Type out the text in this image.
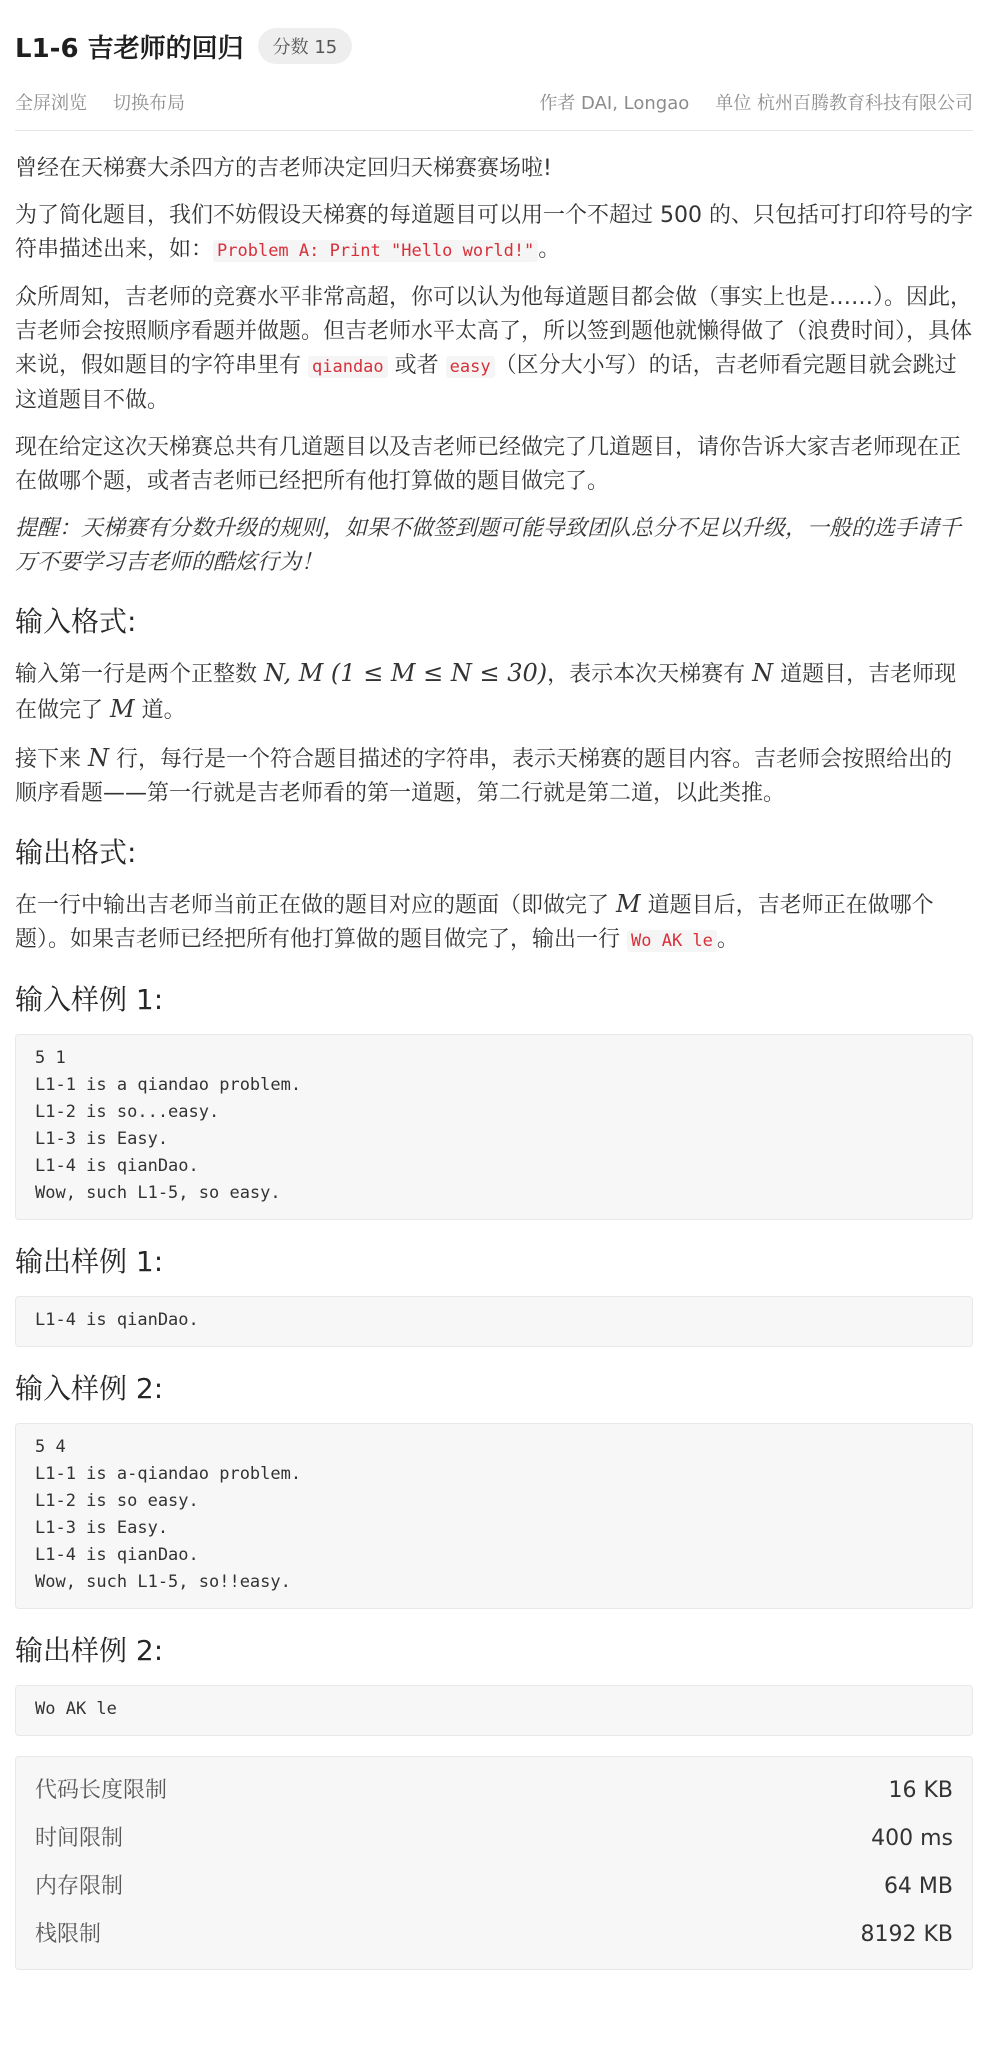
L1-6 吉老师的回归	分数 15
全屏浏览 切换布局	作者 DAI, Longao 单位 杭州百腾教育科技有限公司

曾经在天梯赛大杀四方的吉老师决定回归天梯赛赛场啦!

为了简化题目，我们不妨假设天梯赛的每道题目可以用一个不超过 500 的、只包括可打印符号的字符串描述出来，如： Problem A: Print "Hello world!" 。

众所周知，吉老师的竞赛水平非常高超，你可以认为他每道题目都会做（事实上也是……）。因此，吉老师会按照顺序看题并做题。但吉老师水平太高了，所以签到题他就懒得做了（浪费时间），具体来说，假如题目的字符串里有 qiandao 或者 easy （区分大小写）的话，吉老师看完题目就会跳过这道题目不做。

现在给定这次天梯赛总共有几道题目以及吉老师已经做完了几道题目，请你告诉大家吉老师现在正在做哪个题，或者吉老师已经把所有他打算做的题目做完了。

提醒：天梯赛有分数升级的规则，如果不做签到题可能导致团队总分不足以升级，一般的选手请千万不要学习吉老师的酷炫行为！

输入格式:

输入第一行是两个正整数 N, M (1 ≤ M ≤ N ≤ 30)，表示本次天梯赛有 N 道题目，吉老师现在做完了 M 道。

接下来 N 行，每行是一个符合题目描述的字符串，表示天梯赛的题目内容。吉老师会按照给出的顺序看题——第一行就是吉老师看的第一道题，第二行就是第二道，以此类推。

输出格式:

在一行中输出吉老师当前正在做的题目对应的题面（即做完了 M 道题目后，吉老师正在做哪个题）。如果吉老师已经把所有他打算做的题目做完了，输出一行 Wo AK le 。

输入样例 1:
5 1
L1-1 is a qiandao problem.
L1-2 is so...easy.
L1-3 is Easy.
L1-4 is qianDao.
Wow, such L1-5, so easy.
输出样例 1:
L1-4 is qianDao.
输入样例 2:
5 4
L1-1 is a-qiandao problem.
L1-2 is so easy.
L1-3 is Easy.
L1-4 is qianDao.
Wow, such L1-5, so!!easy.
输出样例 2:
Wo AK le
代码长度限制	16 KB
时间限制	400 ms
内存限制	64 MB
栈限制	8192 KB
